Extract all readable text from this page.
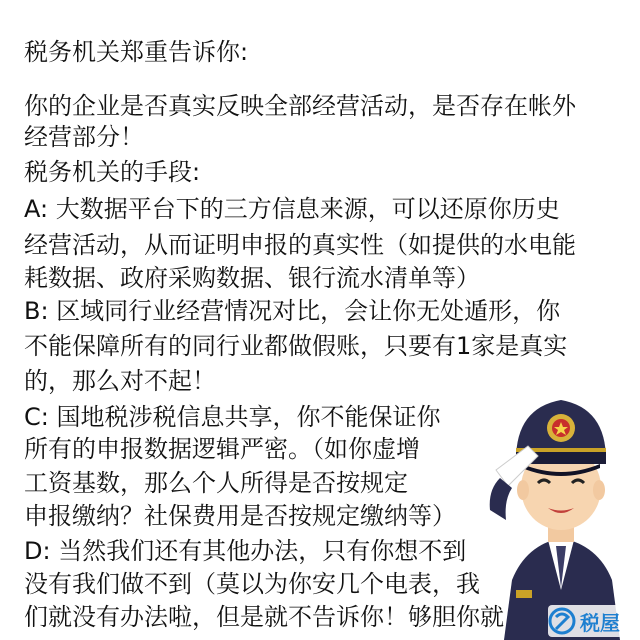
税务机关郑重告诉你:
你的企业是否真实反映全部经营活动，是否存在帐外
经营部分！
税务机关的手段:
A: 大数据平台下的三方信息来源，可以还原你历史
经营活动，从而证明申报的真实性（如提供的水电能
耗数据、政府采购数据、银行流水清单等）
B: 区域同行业经营情况对比，会让你无处遁形，你
不能保障所有的同行业都做假账，只要有1家是真实
的，那么对不起！
C: 国地税涉税信息共享，你不能保证你
所有的申报数据逻辑严密。（如你虚增
工资基数，那么个人所得是否按规定
申报缴纳？社保费用是否按规定缴纳等）
D: 当然我们还有其他办法，只有你想不到
没有我们做不到（莫以为你安几个电表，我
们就没有办法啦，但是就不告诉你！够胆你就	税屋
